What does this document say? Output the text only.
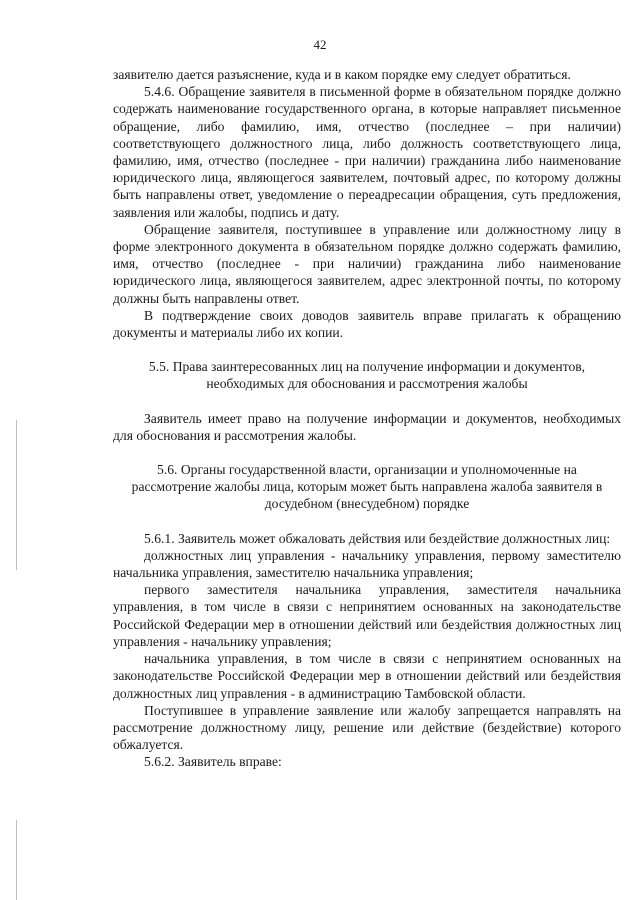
42

заявителю дается разъяснение, куда и в каком порядке ему следует обратиться.

5.4.6. Обращение заявителя в письменной форме в обязательном порядке должно содержать наименование государственного органа, в которые направляет письменное обращение, либо фамилию, имя, отчество (последнее – при наличии) соответствующего должностного лица, либо должность соответствующего лица, фамилию, имя, отчество (последнее - при наличии) гражданина либо наименование юридического лица, являющегося заявителем, почтовый адрес, по которому должны быть направлены ответ, уведомление о переадресации обращения, суть предложения, заявления или жалобы, подпись и дату.

Обращение заявителя, поступившее в управление или должностному лицу в форме электронного документа в обязательном порядке должно содержать фамилию, имя, отчество (последнее - при наличии) гражданина либо наименование юридического лица, являющегося заявителем, адрес электронной почты, по которому должны быть направлены ответ.

В подтверждение своих доводов заявитель вправе прилагать к обращению документы и материалы либо их копии.

5.5. Права заинтересованных лиц на получение информации и документов, необходимых для обоснования и рассмотрения жалобы

Заявитель имеет право на получение информации и документов, необходимых для обоснования и рассмотрения жалобы.

5.6. Органы государственной власти, организации и уполномоченные на рассмотрение жалобы лица, которым может быть направлена жалоба заявителя в досудебном (внесудебном) порядке

5.6.1. Заявитель может обжаловать действия или бездействие должностных лиц:

должностных лиц управления - начальнику управления, первому заместителю начальника управления, заместителю начальника управления;

первого заместителя начальника управления, заместителя начальника управления, в том числе в связи с непринятием основанных на законодательстве Российской Федерации мер в отношении действий или бездействия должностных лиц управления - начальнику управления;

начальника управления, в том числе в связи с непринятием основанных на законодательстве Российской Федерации мер в отношении действий или бездействия должностных лиц управления - в администрацию Тамбовской области.

Поступившее в управление заявление или жалобу запрещается направлять на рассмотрение должностному лицу, решение или действие (бездействие) которого обжалуется.

5.6.2. Заявитель вправе:
